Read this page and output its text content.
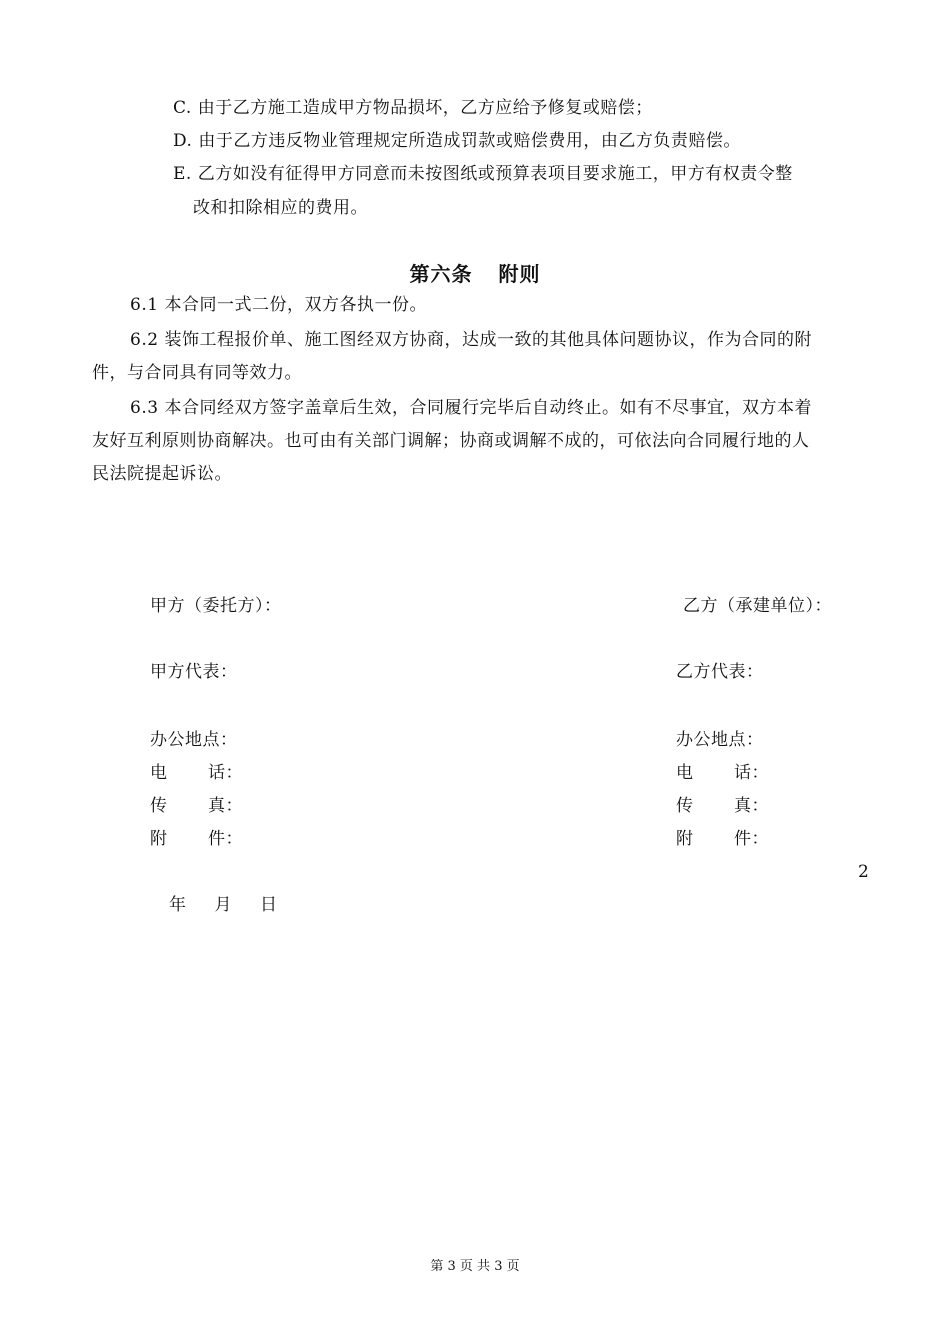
C. 由于乙方施工造成甲方物品损坏，乙方应给予修复或赔偿；
D. 由于乙方违反物业管理规定所造成罚款或赔偿费用，由乙方负责赔偿。
E. 乙方如没有征得甲方同意而未按图纸或预算表项目要求施工，甲方有权责令整
改和扣除相应的费用。
第六条 附则
6.1 本合同一式二份，双方各执一份。
6.2 装饰工程报价单、施工图经双方协商，达成一致的其他具体问题协议，作为合同的附
件，与合同具有同等效力。
6.3 本合同经双方签字盖章后生效，合同履行完毕后自动终止。如有不尽事宜，双方本着
友好互利原则协商解决。也可由有关部门调解；协商或调解不成的，可依法向合同履行地的人
民法院提起诉讼。
甲方（委托方）：
甲方代表：
办公地点：
电 话：
传 真：
附 件：
乙方（承建单位）：
乙方代表：
办公地点：
电 话：
传 真：
附 件：
2
年 月 日
第 3 页 共 3 页
